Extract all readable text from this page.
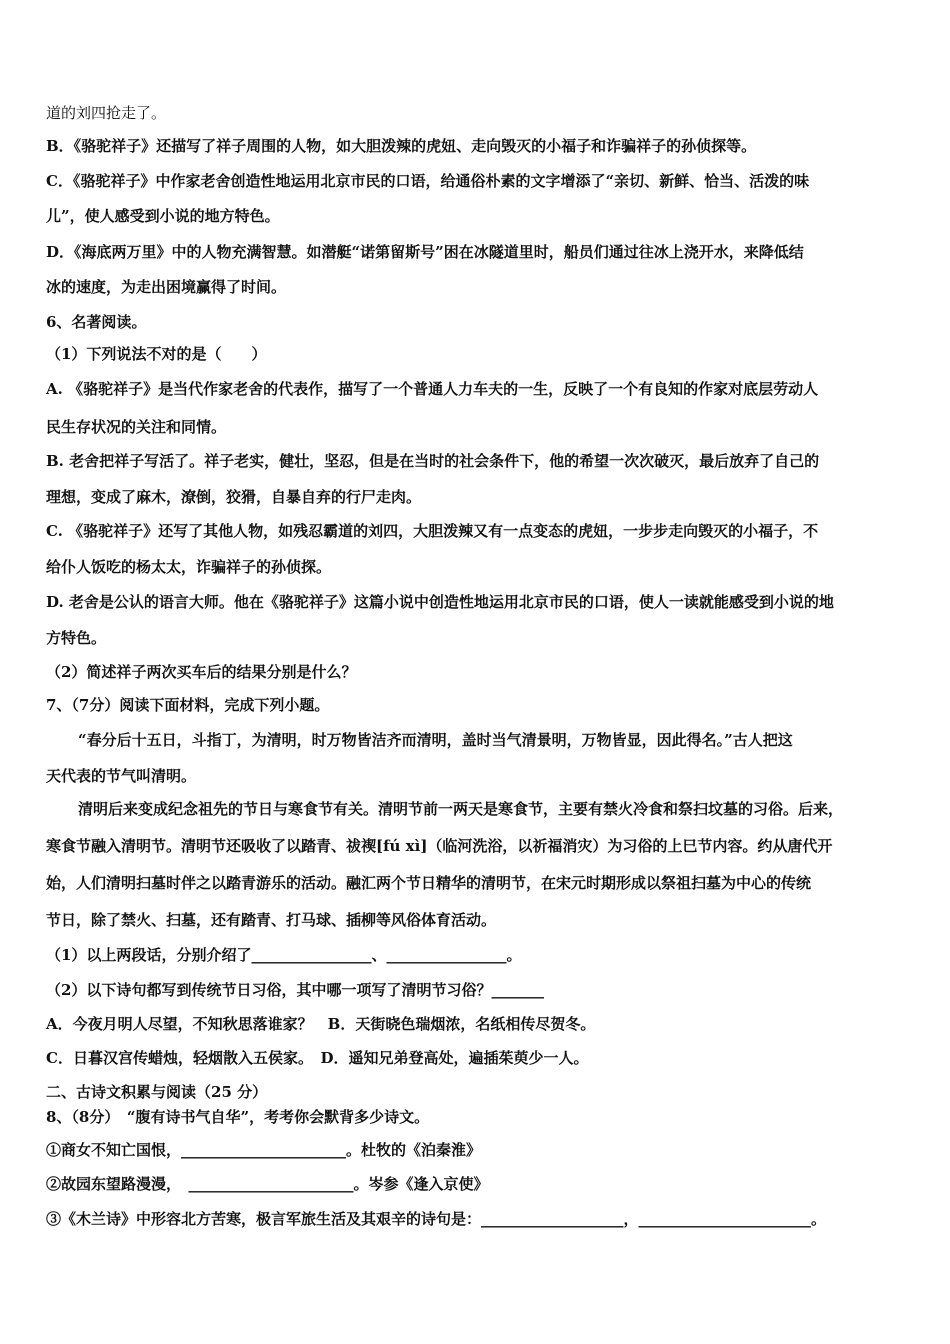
道的刘四抢走了。
B．《骆驼祥子》还描写了祥子周围的人物，如大胆泼辣的虎妞、走向毁灭的小福子和诈骗祥子的孙侦探等。
C．《骆驼祥子》中作家老舍创造性地运用北京市民的口语，给通俗朴素的文字增添了“亲切、新鲜、恰当、活泼的味
儿”，使人感受到小说的地方特色。
D．《海底两万里》中的人物充满智慧。如潜艇“诺第留斯号”困在冰隧道里时，船员们通过往冰上浇开水，来降低结
冰的速度，为走出困境赢得了时间。
6、名著阅读。
（1）下列说法不对的是（　　）
A. 《骆驼祥子》是当代作家老舍的代表作，描写了一个普通人力车夫的一生，反映了一个有良知的作家对底层劳动人
民生存状况的关注和同情。
B. 老舍把祥子写活了。祥子老实，健壮，坚忍，但是在当时的社会条件下，他的希望一次次破灭，最后放弃了自己的
理想，变成了麻木，潦倒，狡猾，自暴自弃的行尸走肉。
C. 《骆驼祥子》还写了其他人物，如残忍霸道的刘四，大胆泼辣又有一点变态的虎妞，一步步走向毁灭的小福子，不
给仆人饭吃的杨太太，诈骗祥子的孙侦探。
D. 老舍是公认的语言大师。他在《骆驼祥子》这篇小说中创造性地运用北京市民的口语，使人一读就能感受到小说的地
方特色。
（2）简述祥子两次买车后的结果分别是什么？
7、（7分）阅读下面材料，完成下列小题。
“春分后十五日，斗指丁，为清明，时万物皆洁齐而清明，盖时当气清景明，万物皆显，因此得名。”古人把这
天代表的节气叫清明。
清明后来变成纪念祖先的节日与寒食节有关。清明节前一两天是寒食节，主要有禁火冷食和祭扫坟墓的习俗。后来，
寒食节融入清明节。清明节还吸收了以踏青、祓禊[fú xì]（临河洗浴，以祈福消灾）为习俗的上巳节内容。约从唐代开
始，人们清明扫墓时伴之以踏青游乐的活动。融汇两个节日精华的清明节，在宋元时期形成以祭祖扫墓为中心的传统
节日，除了禁火、扫墓，还有踏青、打马球、插柳等风俗体育活动。
（1）以上两段话，分别介绍了________________、________________。
（2）以下诗句都写到传统节日习俗，其中哪一项写了清明节习俗？_______
A．今夜月明人尽望，不知秋思落谁家？　B．天街晓色瑞烟浓，名纸相传尽贺冬。
C．日暮汉宫传蜡烛，轻烟散入五侯家。　D．遥知兄弟登高处，遍插茱萸少一人。
二、古诗文积累与阅读（25 分）
8、（8分）　“腹有诗书气自华”，考考你会默背多少诗文。
①商女不知亡国恨，______________________。杜牧的《泊秦淮》
②故园东望路漫漫，　______________________。岑参《逢入京使》
③《木兰诗》中形容北方苦寒，极言军旅生活及其艰辛的诗句是：___________________，_______________________。
